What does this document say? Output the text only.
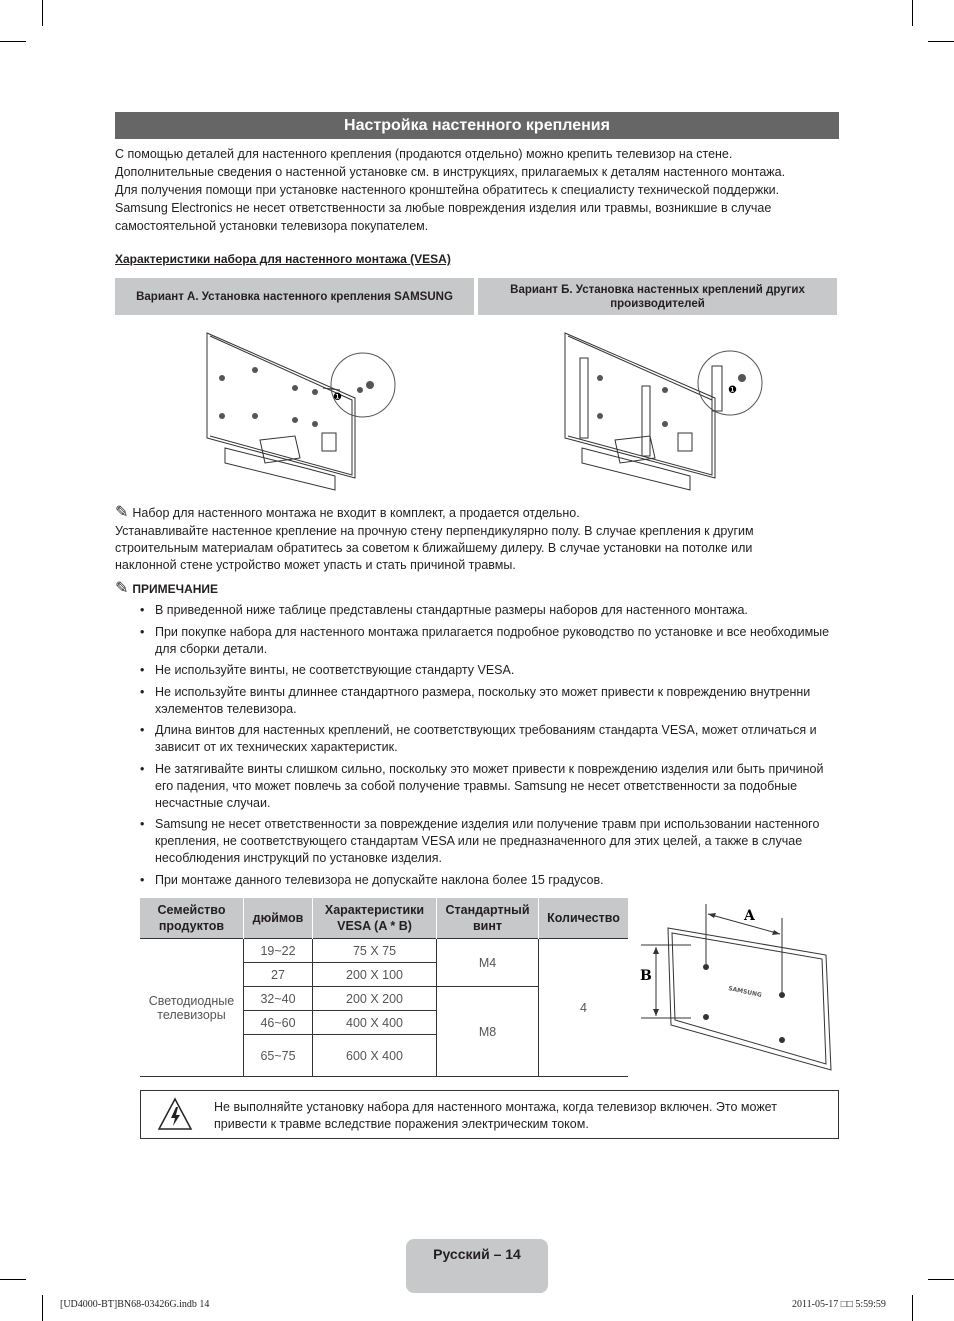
Настройка настенного крепления

С помощью деталей для настенного крепления (продаются отдельно) можно крепить телевизор на стене.

Дополнительные сведения о настенной установке см. в инструкциях, прилагаемых к деталям настенного монтажа.

Для получения помощи при установке настенного кронштейна обратитесь к специалисту технической поддержки.

Samsung Electronics не несет ответственности за любые повреждения изделия или травмы, возникшие в случае

самостоятельной установки телевизора покупателем.

Характеристики набора для настенного монтажа (VESA)
Вариант А. Установка настенного крепления SAMSUNG
Вариант Б. Установка настенных креплений других
производителей
❶
❶
✎ Набор для настенного монтажа не входит в комплект, а продается отдельно.

Устанавливайте настенное крепление на прочную стену перпендикулярно полу. В случае крепления к другим

строительным материалам обратитесь за советом к ближайшему дилеру. В случае установки на потолке или

наклонной стене устройство может упасть и стать причиной травмы.

✎ ПРИМЕЧАНИЕ
• В приведенной ниже таблице представлены стандартные размеры наборов для настенного монтажа.
• При покупке набора для настенного монтажа прилагается подробное руководство по установке и все необходимые для сборки детали.
• Не используйте винты, не соответствующие стандарту VESA.
• Не используйте винты длиннее стандартного размера, поскольку это может привести к повреждению внутренни хэлементов телевизора.
• Длина винтов для настенных креплений, не соответствующих требованиям стандарта VESA, может отличаться и зависит от их технических характеристик.
• Не затягивайте винты слишком сильно, поскольку это может привести к повреждению изделия или быть причиной его падения, что может повлечь за собой получение травмы. Samsung не несет ответственности за подобные несчастные случаи.
• Samsung не несет ответственности за повреждение изделия или получение травм при использовании настенного крепления, не соответствующего стандартам VESA или не предназначенного для этих целей, а также в случае несоблюдения инструкций по установке изделия.
• При монтаже данного телевизора не допускайте наклона более 15 градусов.
Семейство продуктов	дюймов	Характеристики VESA (A * B)	Стандартный винт	Количество
Светодиодные телевизоры	19~22	75 X 75	M4	4
	27	200 X 100		
	32~40	200 X 200	M8	
	46~60	400 X 400		
	65~75	600 X 400		
A
B
SAMSUNG
Не выполняйте установку набора для настенного монтажа, когда телевизор включен. Это может привести к травме вследствие поражения электрическим током.
Русский – 14
[UD4000-BT]BN68-03426G.indb 14	2011-05-17 □□ 5:59:59
